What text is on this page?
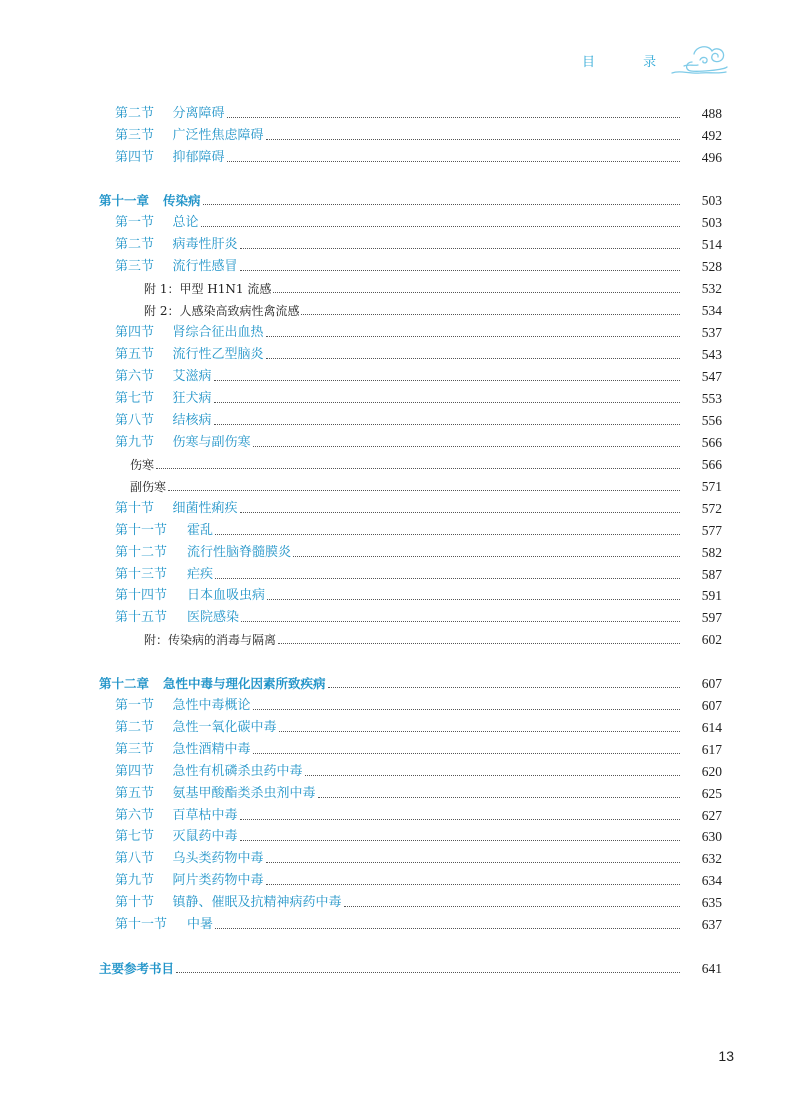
目 录
第二节	分离障碍	488
第三节	广泛性焦虑障碍	492
第四节	抑郁障碍	496
第十一章	传染病	503
第一节	总论	503
第二节	病毒性肝炎	514
第三节	流行性感冒	528
附 1：甲型 H1N1 流感	532
附 2：人感染高致病性禽流感	534
第四节	肾综合征出血热	537
第五节	流行性乙型脑炎	543
第六节	艾滋病	547
第七节	狂犬病	553
第八节	结核病	556
第九节	伤寒与副伤寒	566
伤寒	566
副伤寒	571
第十节	细菌性痢疾	572
第十一节	霍乱	577
第十二节	流行性脑脊髓膜炎	582
第十三节	疟疾	587
第十四节	日本血吸虫病	591
第十五节	医院感染	597
附：传染病的消毒与隔离	602
第十二章	急性中毒与理化因素所致疾病	607
第一节	急性中毒概论	607
第二节	急性一氧化碳中毒	614
第三节	急性酒精中毒	617
第四节	急性有机磷杀虫药中毒	620
第五节	氨基甲酸酯类杀虫剂中毒	625
第六节	百草枯中毒	627
第七节	灭鼠药中毒	630
第八节	乌头类药物中毒	632
第九节	阿片类药物中毒	634
第十节	镇静、催眠及抗精神病药中毒	635
第十一节	中暑	637
主要参考书目	641
13
